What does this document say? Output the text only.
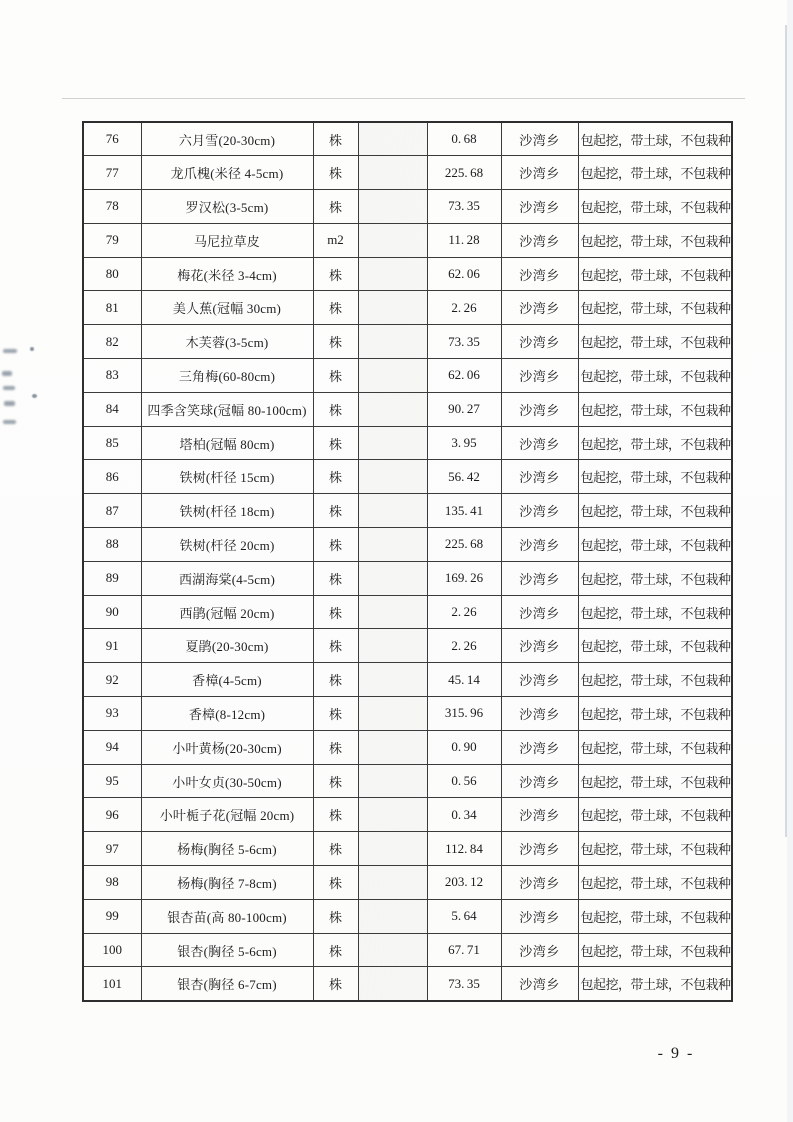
76	六月雪(20-30cm)	株		0. 68	沙湾乡	包起挖，带土球，不包栽种
77	龙爪槐(米径 4-5cm)	株		225. 68	沙湾乡	包起挖，带土球，不包栽种
78	罗汉松(3-5cm)	株		73. 35	沙湾乡	包起挖，带土球，不包栽种
79	马尼拉草皮	m2		11. 28	沙湾乡	包起挖，带土球，不包栽种
80	梅花(米径 3-4cm)	株		62. 06	沙湾乡	包起挖，带土球，不包栽种
81	美人蕉(冠幅 30cm)	株		2. 26	沙湾乡	包起挖，带土球，不包栽种
82	木芙蓉(3-5cm)	株		73. 35	沙湾乡	包起挖，带土球，不包栽种
83	三角梅(60-80cm)	株		62. 06	沙湾乡	包起挖，带土球，不包栽种
84	四季含笑球(冠幅 80-100cm)	株		90. 27	沙湾乡	包起挖，带土球，不包栽种
85	塔柏(冠幅 80cm)	株		3. 95	沙湾乡	包起挖，带土球，不包栽种
86	铁树(杆径 15cm)	株		56. 42	沙湾乡	包起挖，带土球，不包栽种
87	铁树(杆径 18cm)	株		135. 41	沙湾乡	包起挖，带土球，不包栽种
88	铁树(杆径 20cm)	株		225. 68	沙湾乡	包起挖，带土球，不包栽种
89	西湖海棠(4-5cm)	株		169. 26	沙湾乡	包起挖，带土球，不包栽种
90	西鹃(冠幅 20cm)	株		2. 26	沙湾乡	包起挖，带土球，不包栽种
91	夏鹃(20-30cm)	株		2. 26	沙湾乡	包起挖，带土球，不包栽种
92	香樟(4-5cm)	株		45. 14	沙湾乡	包起挖，带土球，不包栽种
93	香樟(8-12cm)	株		315. 96	沙湾乡	包起挖，带土球，不包栽种
94	小叶黄杨(20-30cm)	株		0. 90	沙湾乡	包起挖，带土球，不包栽种
95	小叶女贞(30-50cm)	株		0. 56	沙湾乡	包起挖，带土球，不包栽种
96	小叶栀子花(冠幅 20cm)	株		0. 34	沙湾乡	包起挖，带土球，不包栽种
97	杨梅(胸径 5-6cm)	株		112. 84	沙湾乡	包起挖，带土球，不包栽种
98	杨梅(胸径 7-8cm)	株		203. 12	沙湾乡	包起挖，带土球，不包栽种
99	银杏苗(高 80-100cm)	株		5. 64	沙湾乡	包起挖，带土球，不包栽种
100	银杏(胸径 5-6cm)	株		67. 71	沙湾乡	包起挖，带土球，不包栽种
101	银杏(胸径 6-7cm)	株		73. 35	沙湾乡	包起挖，带土球，不包栽种
- 9 -
